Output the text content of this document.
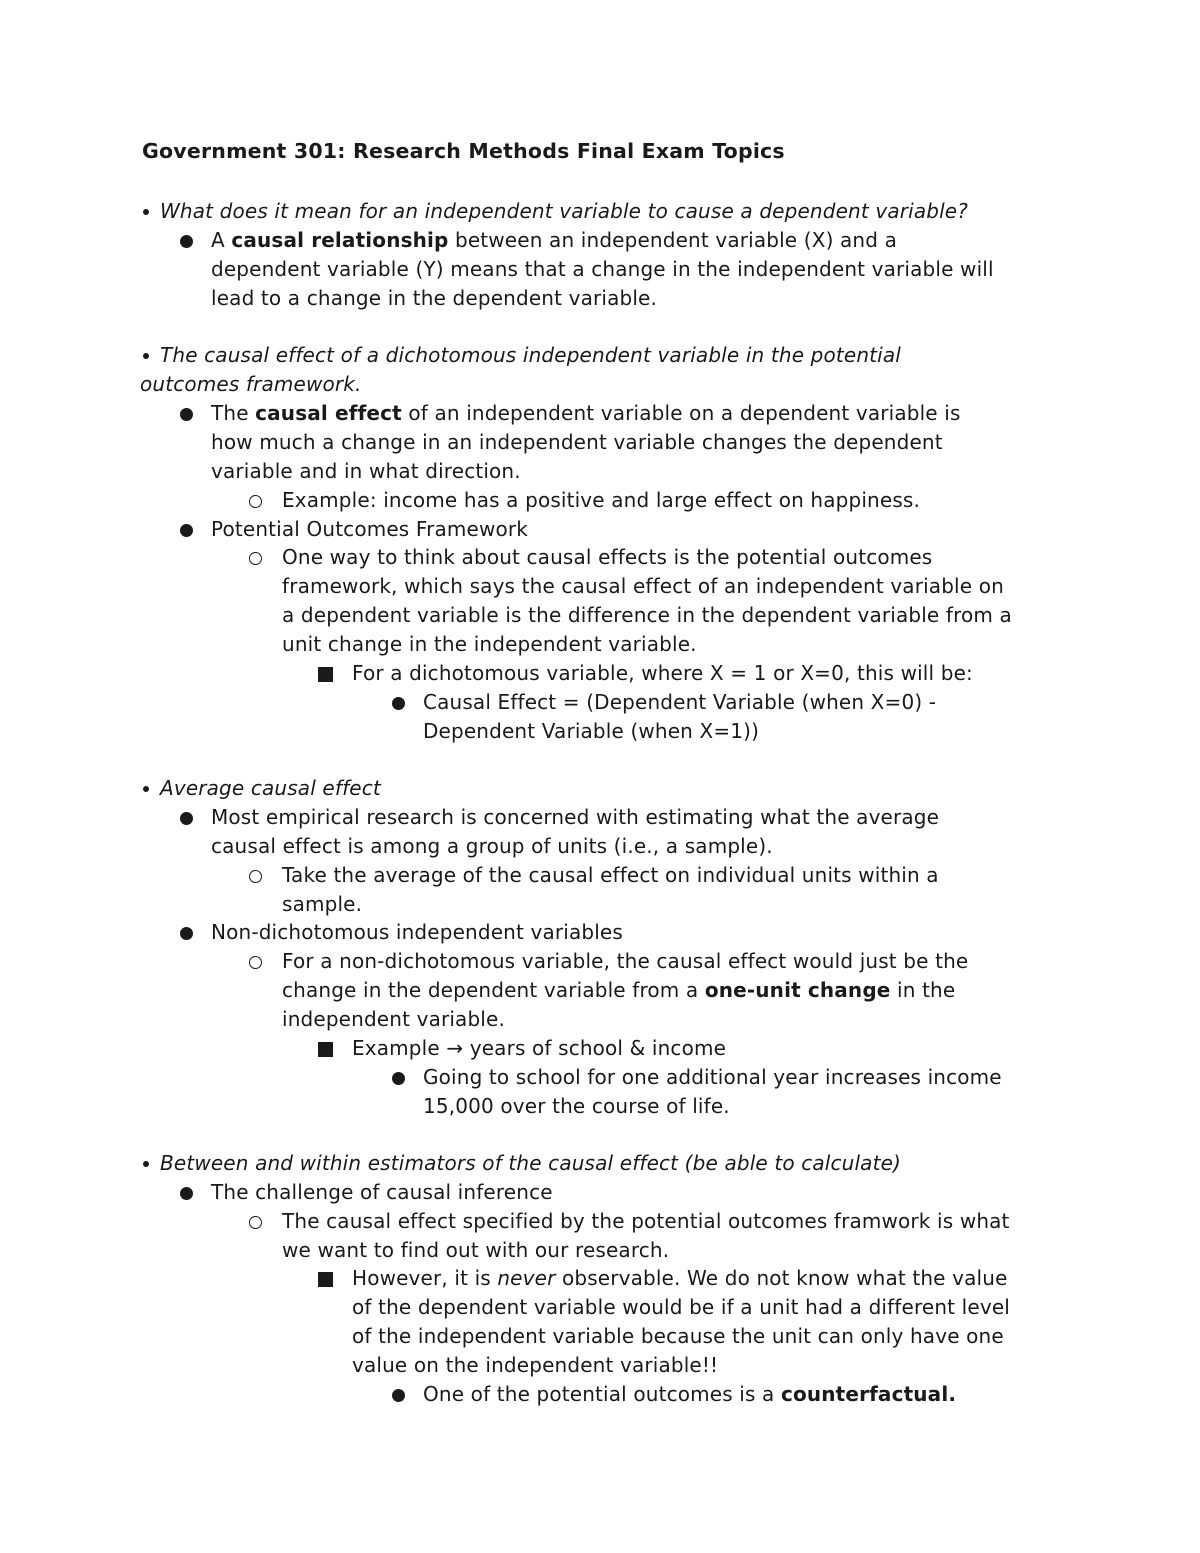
Government 301: Research Methods Final Exam Topics
What does it mean for an independent variable to cause a dependent variable?
A causal relationship between an independent variable (X) and a
dependent variable (Y) means that a change in the independent variable will
lead to a change in the dependent variable.
The causal effect of a dichotomous independent variable in the potential
outcomes framework.
The causal effect of an independent variable on a dependent variable is
how much a change in an independent variable changes the dependent
variable and in what direction.
Example: income has a positive and large effect on happiness.
Potential Outcomes Framework
One way to think about causal effects is the potential outcomes
framework, which says the causal effect of an independent variable on
a dependent variable is the difference in the dependent variable from a
unit change in the independent variable.
For a dichotomous variable, where X = 1 or X=0, this will be:
Causal Effect = (Dependent Variable (when X=0) -
Dependent Variable (when X=1))
Average causal effect
Most empirical research is concerned with estimating what the average
causal effect is among a group of units (i.e., a sample).
Take the average of the causal effect on individual units within a
sample.
Non-dichotomous independent variables
For a non-dichotomous variable, the causal effect would just be the
change in the dependent variable from a one-unit change in the
independent variable.
Example → years of school & income
Going to school for one additional year increases income
15,000 over the course of life.
Between and within estimators of the causal effect (be able to calculate)
The challenge of causal inference
The causal effect specified by the potential outcomes framwork is what
we want to find out with our research.
However, it is never observable. We do not know what the value
of the dependent variable would be if a unit had a different level
of the independent variable because the unit can only have one
value on the independent variable!!
One of the potential outcomes is a counterfactual.
